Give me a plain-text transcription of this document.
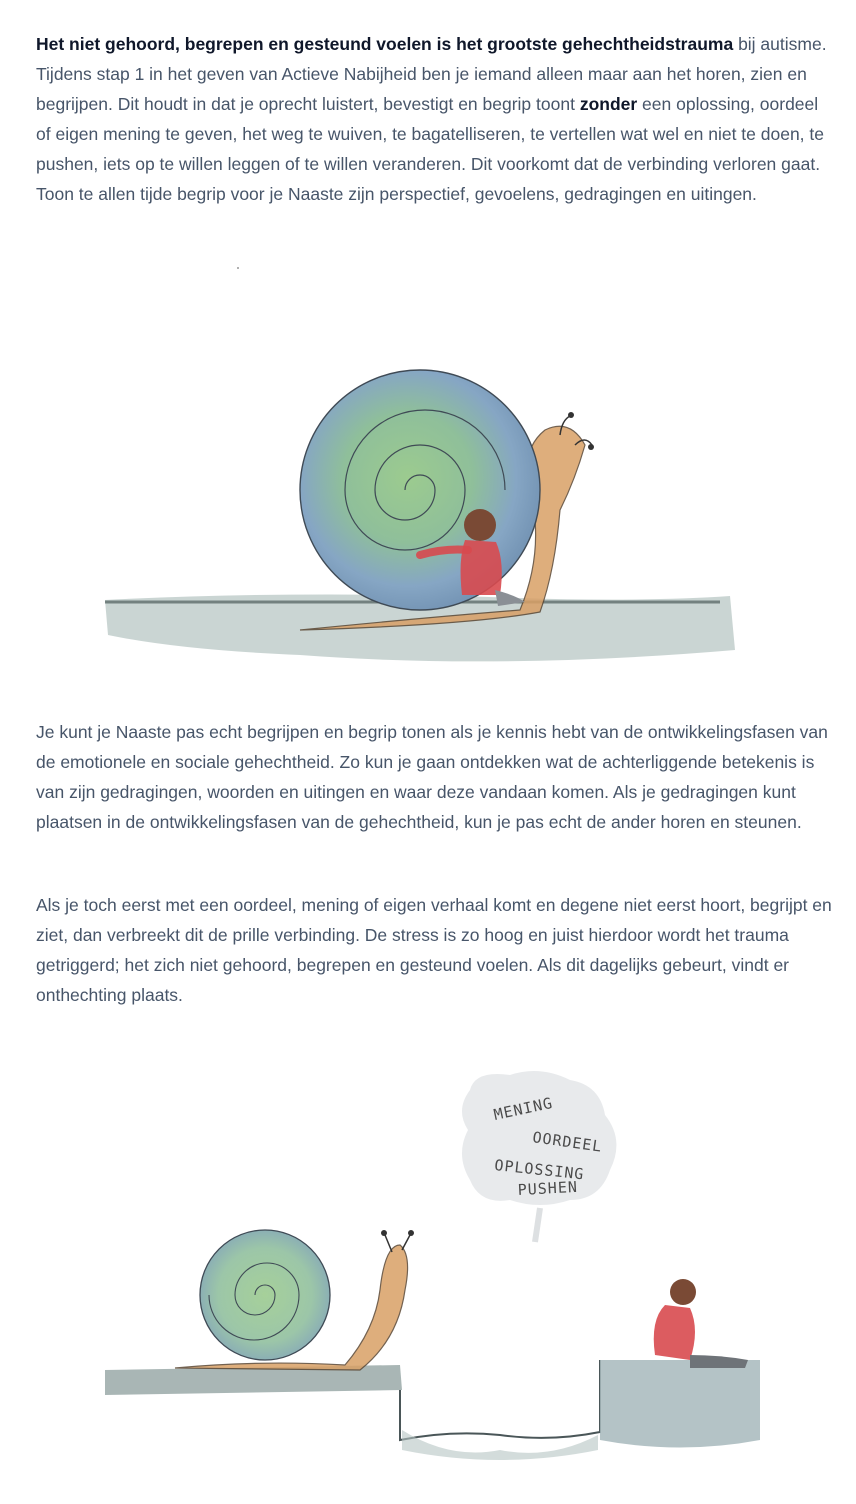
Het niet gehoord, begrepen en gesteund voelen is het grootste gehechtheidstrauma bij autisme. Tijdens stap 1 in het geven van Actieve Nabijheid ben je iemand alleen maar aan het horen, zien en begrijpen. Dit houdt in dat je oprecht luistert, bevestigt en begrip toont zonder een oplossing, oordeel of eigen mening te geven, het weg te wuiven, te bagatelliseren, te vertellen wat wel en niet te doen, te pushen, iets op te willen leggen of te willen veranderen. Dit voorkomt dat de verbinding verloren gaat. Toon te allen tijde begrip voor je Naaste zijn perspectief, gevoelens, gedragingen en uitingen.

Je kunt je Naaste pas echt begrijpen en begrip tonen als je kennis hebt van de ontwikkelingsfasen van de emotionele en sociale gehechtheid. Zo kun je gaan ontdekken wat de achterliggende betekenis is van zijn gedragingen, woorden en uitingen en waar deze vandaan komen. Als je gedragingen kunt plaatsen in de ontwikkelingsfasen van de gehechtheid, kun je pas echt de ander horen en steunen.

Als je toch eerst met een oordeel, mening of eigen verhaal komt en degene niet eerst hoort, begrijpt en ziet, dan verbreekt dit de prille verbinding. De stress is zo hoog en juist hierdoor wordt het trauma getriggerd; het zich niet gehoord, begrepen en gesteund voelen. Als dit dagelijks gebeurt, vindt er onthechting plaats.

MENING
OORDEEL
OPLOSSING
PUSHEN
